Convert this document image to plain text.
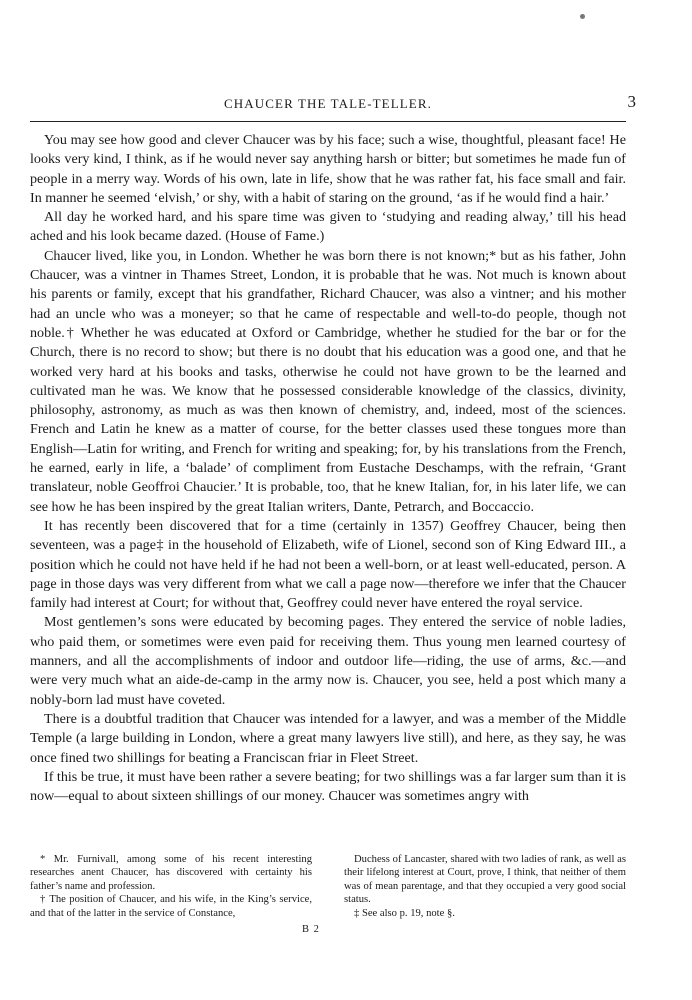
CHAUCER THE TALE-TELLER.	3

You may see how good and clever Chaucer was by his face; such a wise, thoughtful, pleasant face! He looks very kind, I think, as if he would never say anything harsh or bitter; but sometimes he made fun of people in a merry way. Words of his own, late in life, show that he was rather fat, his face small and fair. In manner he seemed ‘elvish,’ or shy, with a habit of staring on the ground, ‘as if he would find a hair.’

All day he worked hard, and his spare time was given to ‘studying and reading alway,’ till his head ached and his look became dazed. (House of Fame.)

Chaucer lived, like you, in London. Whether he was born there is not known;* but as his father, John Chaucer, was a vintner in Thames Street, London, it is probable that he was. Not much is known about his parents or family, except that his grandfather, Richard Chaucer, was also a vintner; and his mother had an uncle who was a moneyer; so that he came of respectable and well-to-do people, though not noble.† Whether he was educated at Oxford or Cambridge, whether he studied for the bar or for the Church, there is no record to show; but there is no doubt that his education was a good one, and that he worked very hard at his books and tasks, otherwise he could not have grown to be the learned and cultivated man he was. We know that he possessed considerable knowledge of the classics, divinity, philosophy, astronomy, as much as was then known of chemistry, and, indeed, most of the sciences. French and Latin he knew as a matter of course, for the better classes used these tongues more than English—Latin for writing, and French for writing and speaking; for, by his translations from the French, he earned, early in life, a ‘balade’ of compliment from Eustache Deschamps, with the refrain, ‘Grant translateur, noble Geoffroi Chaucier.’ It is probable, too, that he knew Italian, for, in his later life, we can see how he has been inspired by the great Italian writers, Dante, Petrarch, and Boccaccio.

It has recently been discovered that for a time (certainly in 1357) Geoffrey Chaucer, being then seventeen, was a page‡ in the household of Elizabeth, wife of Lionel, second son of King Edward III., a position which he could not have held if he had not been a well-born, or at least well-educated, person. A page in those days was very different from what we call a page now—therefore we infer that the Chaucer family had interest at Court; for without that, Geoffrey could never have entered the royal service.

Most gentlemen’s sons were educated by becoming pages. They entered the service of noble ladies, who paid them, or sometimes were even paid for receiving them. Thus young men learned courtesy of manners, and all the accomplishments of indoor and outdoor life—riding, the use of arms, &c.—and were very much what an aide-de-camp in the army now is. Chaucer, you see, held a post which many a nobly-born lad must have coveted.

There is a doubtful tradition that Chaucer was intended for a lawyer, and was a member of the Middle Temple (a large building in London, where a great many lawyers live still), and here, as they say, he was once fined two shillings for beating a Franciscan friar in Fleet Street.

If this be true, it must have been rather a severe beating; for two shillings was a far larger sum than it is now—equal to about sixteen shillings of our money. Chaucer was sometimes angry with

* Mr. Furnivall, among some of his recent interesting researches anent Chaucer, has discovered with certainty his father’s name and profession.

† The position of Chaucer, and his wife, in the King’s service, and that of the latter in the service of Constance,

Duchess of Lancaster, shared with two ladies of rank, as well as their lifelong interest at Court, prove, I think, that neither of them was of mean parentage, and that they occupied a very good social status.

‡ See also p. 19, note §.

B 2
